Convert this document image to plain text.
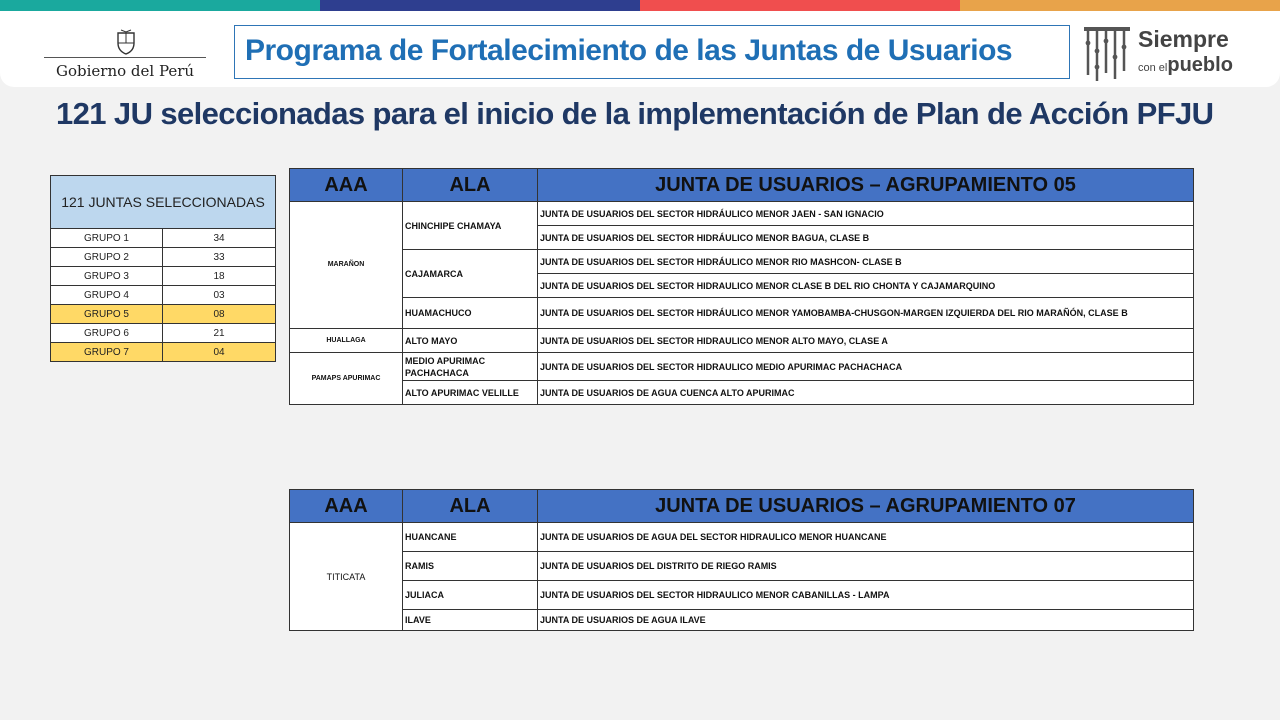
Gobierno del Perú
Programa de Fortalecimiento de las Juntas de Usuarios	Siempre
con elpueblo
121 JU seleccionadas para el inicio de la implementación de Plan de Acción PFJU
121 JUNTAS SELECCIONADAS	
GRUPO 1	34
GRUPO 2	33
GRUPO 3	18
GRUPO 4	03
GRUPO 5	08
GRUPO 6	21
GRUPO 7	04
AAA	ALA	JUNTA DE USUARIOS – AGRUPAMIENTO 05
MARAÑON	CHINCHIPE CHAMAYA	JUNTA DE USUARIOS DEL SECTOR HIDRÁULICO MENOR JAEN - SAN IGNACIO
		JUNTA DE USUARIOS DEL SECTOR HIDRÁULICO MENOR BAGUA, CLASE B
	CAJAMARCA	JUNTA DE USUARIOS DEL SECTOR HIDRÁULICO MENOR RIO MASHCON- CLASE B
		JUNTA DE USUARIOS DEL SECTOR HIDRAULICO MENOR CLASE B DEL RIO CHONTA Y CAJAMARQUINO
	HUAMACHUCO	JUNTA DE USUARIOS DEL SECTOR HIDRÁULICO MENOR YAMOBAMBA-CHUSGON-MARGEN IZQUIERDA DEL RIO MARAÑÓN, CLASE B
HUALLAGA	ALTO MAYO	JUNTA DE USUARIOS DEL SECTOR HIDRAULICO MENOR ALTO MAYO, CLASE A
PAMAPS APURIMAC	MEDIO APURIMAC PACHACHACA	JUNTA DE USUARIOS DEL SECTOR HIDRAULICO MEDIO APURIMAC PACHACHACA
	ALTO APURIMAC VELILLE	JUNTA DE USUARIOS DE AGUA CUENCA ALTO APURIMAC
AAA	ALA	JUNTA DE USUARIOS – AGRUPAMIENTO 07
TITICATA	HUANCANE	JUNTA DE USUARIOS DE AGUA DEL SECTOR HIDRAULICO MENOR HUANCANE
	RAMIS	JUNTA DE USUARIOS DEL DISTRITO DE RIEGO RAMIS
	JULIACA	JUNTA DE USUARIOS DEL SECTOR HIDRAULICO MENOR CABANILLAS - LAMPA
	ILAVE	JUNTA DE USUARIOS DE AGUA ILAVE
